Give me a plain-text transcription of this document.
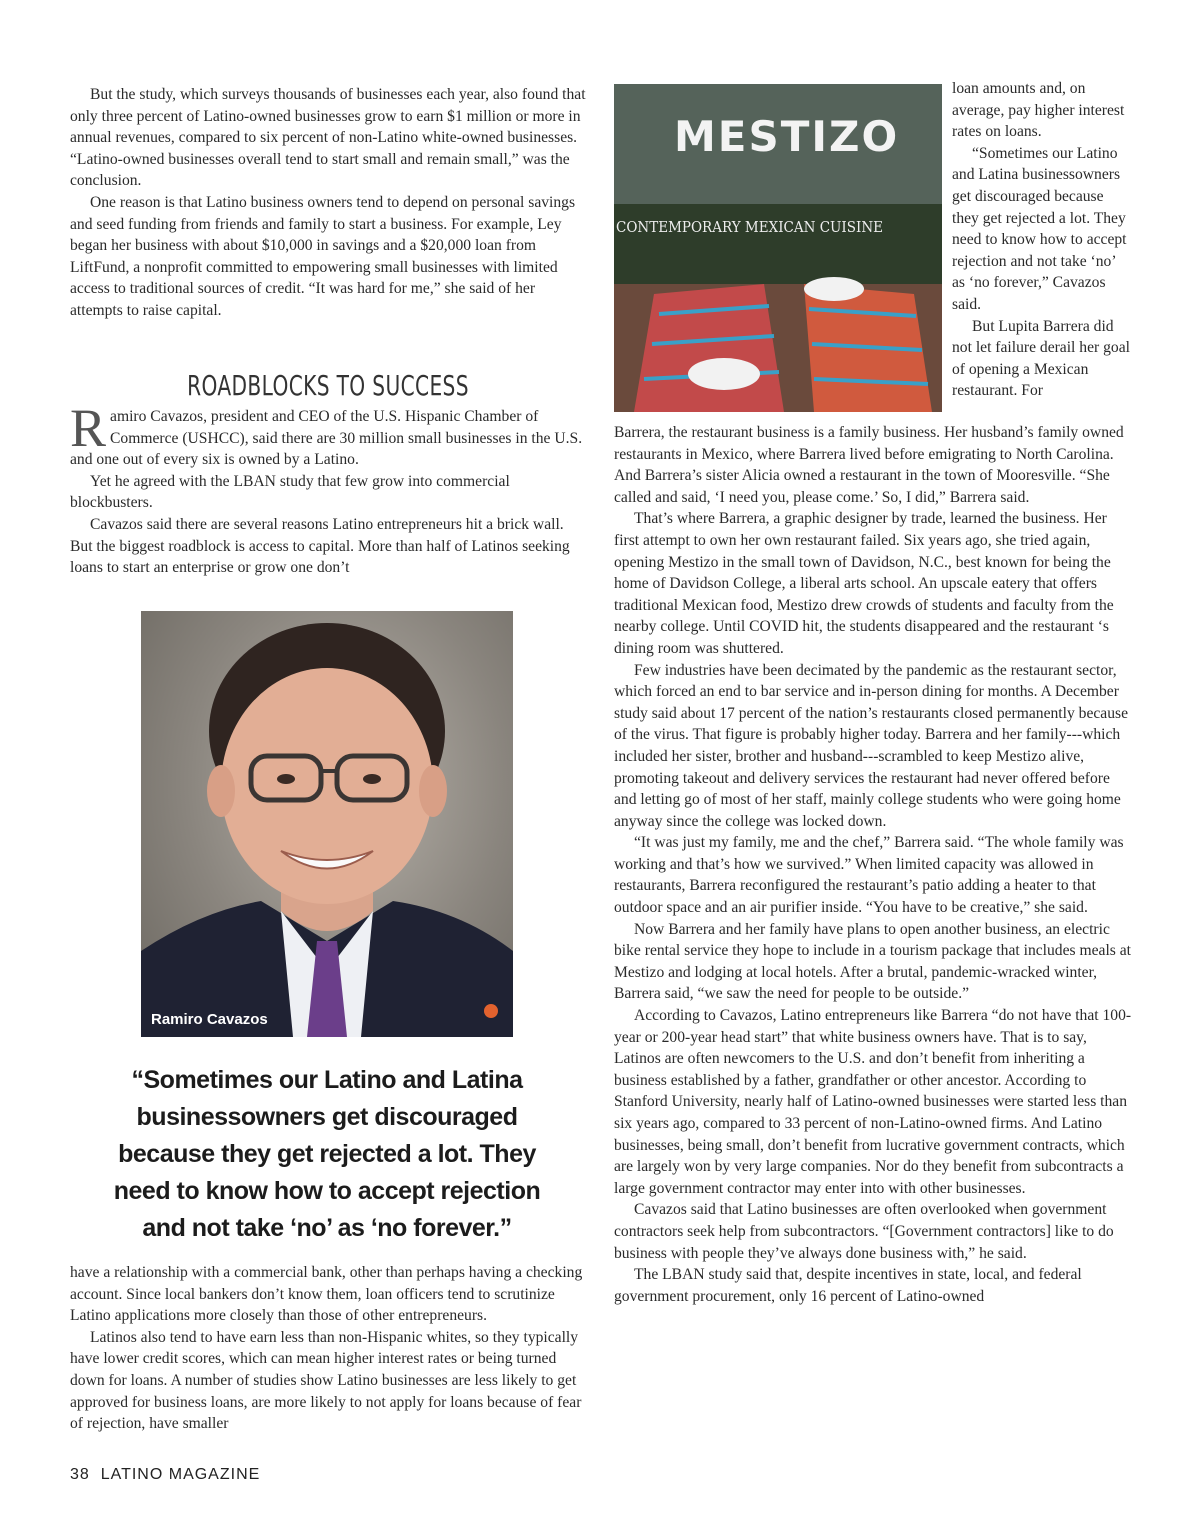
But the study, which surveys thousands of businesses each year, also found that only three percent of Latino-owned businesses grow to earn $1 million or more in annual revenues, compared to six percent of non-Latino white-owned businesses. “Latino-owned businesses overall tend to start small and remain small,” was the conclusion.

One reason is that Latino business owners tend to depend on personal savings and seed funding from friends and family to start a business. For example, Ley began her business with about $10,000 in savings and a $20,000 loan from LiftFund, a nonprofit committed to empowering small businesses with limited access to traditional sources of credit. “It was hard for me,” she said of her attempts to raise capital.

ROADBLOCKS TO SUCCESS

Ramiro Cavazos, president and CEO of the U.S. Hispanic Chamber of Commerce (USHCC), said there are 30 million small businesses in the U.S. and one out of every six is owned by a Latino.

Yet he agreed with the LBAN study that few grow into commercial blockbusters.

Cavazos said there are several reasons Latino entrepreneurs hit a brick wall. But the biggest roadblock is access to capital. More than half of Latinos seeking loans to start an enterprise or grow one don’t

Ramiro Cavazos
“Sometimes our Latino and Latina businessowners get discouraged because they get rejected a lot. They need to know how to accept rejection and not take ‘no’ as ‘no forever.”

have a relationship with a commercial bank, other than perhaps having a checking account. Since local bankers don’t know them, loan officers tend to scrutinize Latino applications more closely than those of other entrepreneurs.

Latinos also tend to have earn less than non-Hispanic whites, so they typically have lower credit scores, which can mean higher interest rates or being turned down for loans. A number of studies show Latino businesses are less likely to get approved for business loans, are more likely to not apply for loans because of fear of rejection, have smaller

MESTIZO
CONTEMPORARY MEXICAN CUISINE

loan amounts and, on average, pay higher interest rates on loans.

“Sometimes our Latino and Latina businessowners get discouraged because they get rejected a lot. They need to know how to accept rejection and not take ‘no’ as ‘no forever,” Cavazos said.

But Lupita Barrera did not let failure derail her goal of opening a Mexican restaurant. For

Barrera, the restaurant business is a family business. Her husband’s family owned restaurants in Mexico, where Barrera lived before emigrating to North Carolina. And Barrera’s sister Alicia owned a restaurant in the town of Mooresville. “She called and said, ‘I need you, please come.’ So, I did,” Barrera said.

That’s where Barrera, a graphic designer by trade, learned the business. Her first attempt to own her own restaurant failed. Six years ago, she tried again, opening Mestizo in the small town of Davidson, N.C., best known for being the home of Davidson College, a liberal arts school. An upscale eatery that offers traditional Mexican food, Mestizo drew crowds of students and faculty from the nearby college. Until COVID hit, the students disappeared and the restaurant ‘s dining room was shuttered.

Few industries have been decimated by the pandemic as the restaurant sector, which forced an end to bar service and in-person dining for months. A December study said about 17 percent of the nation’s restaurants closed permanently because of the virus. That figure is probably higher today. Barrera and her family---which included her sister, brother and husband---scrambled to keep Mestizo alive, promoting takeout and delivery services the restaurant had never offered before and letting go of most of her staff, mainly college students who were going home anyway since the college was locked down.

“It was just my family, me and the chef,” Barrera said. “The whole family was working and that’s how we survived.” When limited capacity was allowed in restaurants, Barrera reconfigured the restaurant’s patio adding a heater to that outdoor space and an air purifier inside. “You have to be creative,” she said.

Now Barrera and her family have plans to open another business, an electric bike rental service they hope to include in a tourism package that includes meals at Mestizo and lodging at local hotels. After a brutal, pandemic-wracked winter, Barrera said, “we saw the need for people to be outside.”

According to Cavazos, Latino entrepreneurs like Barrera “do not have that 100-year or 200-year head start” that white business owners have. That is to say, Latinos are often newcomers to the U.S. and don’t benefit from inheriting a business established by a father, grandfather or other ancestor. According to Stanford University, nearly half of Latino-owned businesses were started less than six years ago, compared to 33 percent of non-Latino-owned firms. And Latino businesses, being small, don’t benefit from lucrative government contracts, which are largely won by very large companies. Nor do they benefit from subcontracts a large government contractor may enter into with other businesses.

Cavazos said that Latino businesses are often overlooked when government contractors seek help from subcontractors. “[Government contractors] like to do business with people they’ve always done business with,” he said.

The LBAN study said that, despite incentives in state, local, and federal government procurement, only 16 percent of Latino-owned

38 LATINO MAGAZINE
